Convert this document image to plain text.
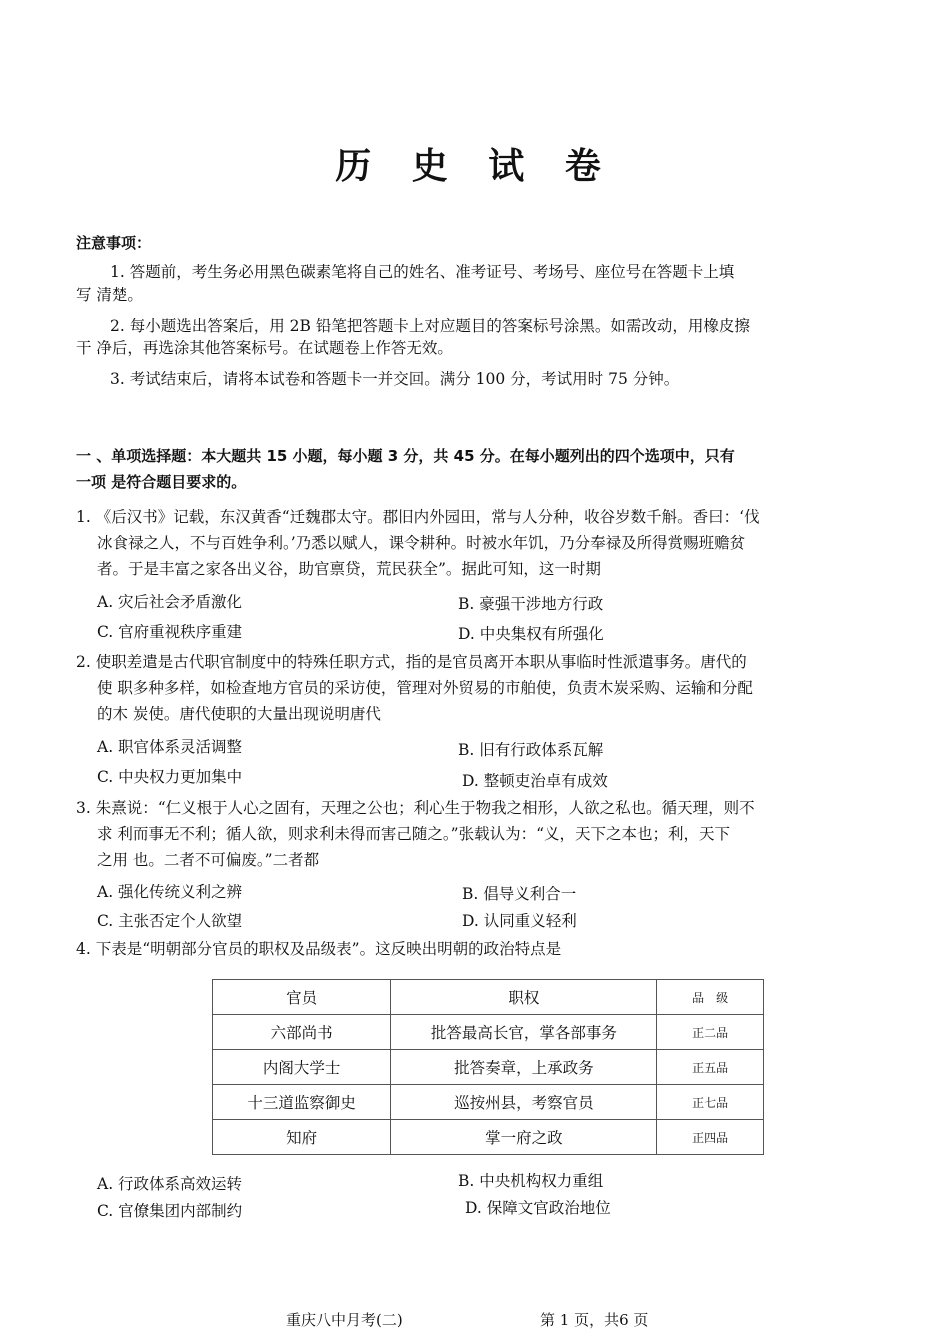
历 史 试 卷
注意事项：
1. 答题前，考生务必用黑色碳素笔将自己的姓名、准考证号、考场号、座位号在答题卡上填
写 清楚。
2. 每小题选出答案后，用 2B 铅笔把答题卡上对应题目的答案标号涂黑。如需改动，用橡皮擦
干 净后，再选涂其他答案标号。在试题卷上作答无效。
3. 考试结束后，请将本试卷和答题卡一并交回。满分 100 分，考试用时 75 分钟。
一 、单项选择题：本大题共 15 小题，每小题 3 分，共 45 分。在每小题列出的四个选项中，只有
一项 是符合题目要求的。
1. 《后汉书》记载，东汉黄香“迁魏郡太守。郡旧内外园田，常与人分种，收谷岁数千斛。香曰：‘伐
冰食禄之人，不与百姓争利。’乃悉以赋人，课令耕种。时被水年饥，乃分奉禄及所得赏赐班赡贫
者。于是丰富之家各出义谷，助官禀贷，荒民获全”。据此可知，这一时期
A. 灾后社会矛盾激化	B. 豪强干涉地方行政
C. 官府重视秩序重建	D. 中央集权有所强化
2. 使职差遣是古代职官制度中的特殊任职方式，指的是官员离开本职从事临时性派遣事务。唐代的
使 职多种多样，如检查地方官员的采访使，管理对外贸易的市舶使，负责木炭采购、运输和分配
的木 炭使。唐代使职的大量出现说明唐代
A. 职官体系灵活调整	B. 旧有行政体系瓦解
C. 中央权力更加集中	D. 整顿吏治卓有成效
3. 朱熹说：“仁义根于人心之固有，天理之公也；利心生于物我之相形，人欲之私也。循天理，则不
求 利而事无不利；循人欲，则求利未得而害己随之。”张载认为：“义，天下之本也；利，天下
之用 也。二者不可偏废。”二者都
A. 强化传统义利之辨	B. 倡导义利合一
C. 主张否定个人欲望	D. 认同重义轻利
4. 下表是“明朝部分官员的职权及品级表”。这反映出明朝的政治特点是
官员	职权	品　级
六部尚书	批答最高长官，掌各部事务	正二品
内阁大学士	批答奏章，上承政务	正五品
十三道监察御史	巡按州县，考察官员	正七品
知府	掌一府之政	正四品
A. 行政体系高效运转	B. 中央机构权力重组
C. 官僚集团内部制约	D. 保障文官政治地位
重庆八中月考(二)	第 1 页，共6 页
